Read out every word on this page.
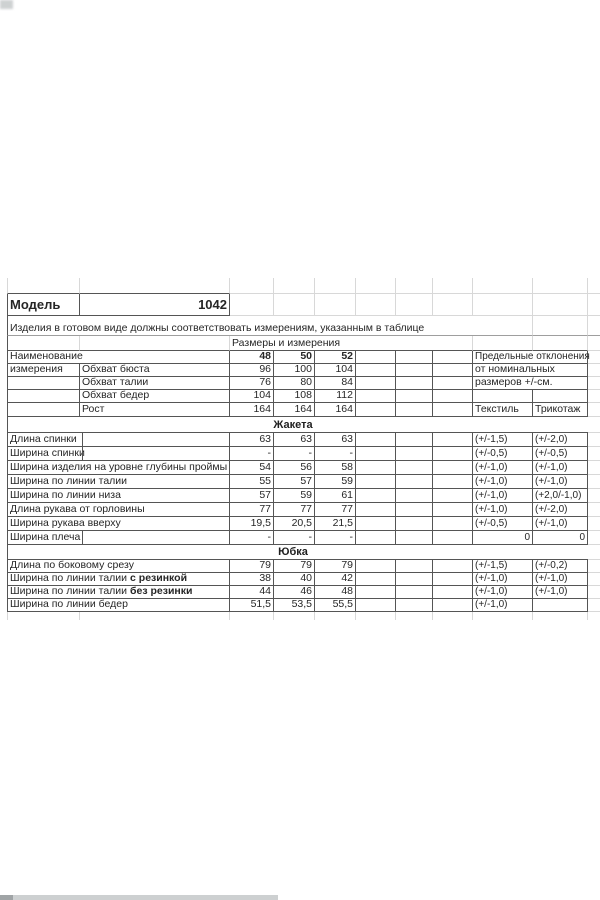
Модель	1042
Изделия в готовом виде должны соответствовать измерениям, указанным в таблице
Размеры и измерения
Наименование	48	50	52	Предельные отклонения
измерения	Обхват бюста	96	100	104	от номинальных
Обхват талии	76	80	84	размеров +/-см.
Обхват бедер	104	108	112
Рост	164	164	164	Текстиль	Трикотаж
Жакета
Длина спинки	63	63	63	(+/-1,5)	(+/-2,0)
Ширина спинки	-	-	-	(+/-0,5)	(+/-0,5)
Ширина изделия на уровне глубины проймы	54	56	58	(+/-1,0)	(+/-1,0)
Ширина по линии талии	55	57	59	(+/-1,0)	(+/-1,0)
Ширина по линии низа	57	59	61	(+/-1,0)	(+2,0/-1,0)
Длина рукава от горловины	77	77	77	(+/-1,0)	(+/-2,0)
Ширина рукава вверху	19,5	20,5	21,5	(+/-0,5)	(+/-1,0)
Ширина плеча	-	-	-	0	0
Юбка
Длина по боковому срезу	79	79	79	(+/-1,5)	(+/-0,2)
Ширина по линии талии с резинкой	38	40	42	(+/-1,0)	(+/-1,0)
Ширина по линии талии без резинки	44	46	48	(+/-1,0)	(+/-1,0)
Ширина по линии бедер	51,5	53,5	55,5	(+/-1,0)
